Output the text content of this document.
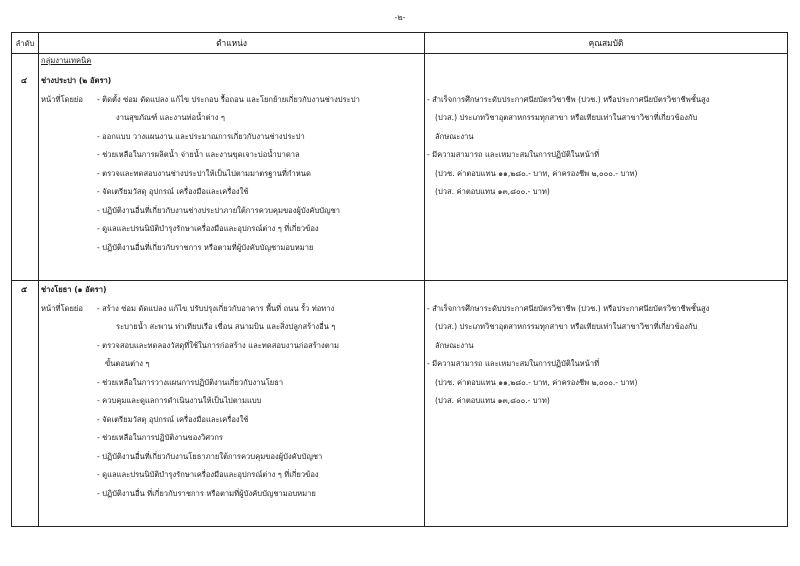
-๒-
ลำดับ	ตำแหน่ง	คุณสมบัติ
กลุ่มงานเทคนิค
๔ ช่างประปา (๒ อัตรา)
หน้าที่โดยย่อ - ติดตั้ง ซ่อม ดัดแปลง แก้ไข ประกอบ รื้อถอน และโยกย้ายเกี่ยวกับงานช่างประปา
งานสุขภัณฑ์ และงานท่อน้ำต่าง ๆ
- ออกแบบ วางแผนงาน และประมาณการเกี่ยวกับงานช่างประปา
- ช่วยเหลือในการผลิตน้ำ จ่ายน้ำ และงานขุดเจาะบ่อน้ำบาดาล
- ตรวจและทดสอบงานช่างประปาให้เป็นไปตามมาตรฐานที่กำหนด
- จัดเตรียมวัสดุ อุปกรณ์ เครื่องมือและเครื่องใช้
- ปฏิบัติงานอื่นที่เกี่ยวกับงานช่างประปาภายใต้การควบคุมของผู้บังคับบัญชา
- ดูแลและปรนนิบัติบำรุงรักษาเครื่องมือและอุปกรณ์ต่าง ๆ ที่เกี่ยวข้อง
- ปฏิบัติงานอื่นที่เกี่ยวกับราชการ หรือตามที่ผู้บังคับบัญชามอบหมาย
- สำเร็จการศึกษาระดับประกาศนียบัตรวิชาชีพ (ปวช.) หรือประกาศนียบัตรวิชาชีพชั้นสูง
(ปวส.) ประเภทวิชาอุตสาหกรรมทุกสาขา หรือเทียบเท่าในสาขาวิชาที่เกี่ยวข้องกับ
ลักษณะงาน
- มีความสามารถ และเหมาะสมในการปฏิบัติในหน้าที่
(ปวช. ค่าตอบแทน ๑๑,๒๘๐.- บาท, ค่าครองชีพ ๒,๐๐๐.- บาท)
(ปวส. ค่าตอบแทน ๑๓,๘๐๐.- บาท)
๕ ช่างโยธา (๑ อัตรา)
หน้าที่โดยย่อ - สร้าง ซ่อม ดัดแปลง แก้ไข ปรับปรุงเกี่ยวกับอาคาร พื้นที่ ถนน รั้ว ท่อทาง
ระบายน้ำ สะพาน ท่าเทียบเรือ เขื่อน สนามบิน และสิ่งปลูกสร้างอื่น ๆ
- ตรวจสอบและทดลองวัสดุที่ใช้ในการก่อสร้าง และทดสอบงานก่อสร้างตาม
ขั้นตอนต่าง ๆ
- ช่วยเหลือในการวางแผนการปฏิบัติงานเกี่ยวกับงานโยธา
- ควบคุมและดูแลการดำเนินงานให้เป็นไปตามแบบ
- จัดเตรียมวัสดุ อุปกรณ์ เครื่องมือและเครื่องใช้
- ช่วยเหลือในการปฏิบัติงานของวิศวกร
- ปฏิบัติงานอื่นที่เกี่ยวกับงานโยธาภายใต้การควบคุมของผู้บังคับบัญชา
- ดูแลและปรนนิบัติบำรุงรักษาเครื่องมือและอุปกรณ์ต่าง ๆ ที่เกี่ยวข้อง
- ปฏิบัติงานอื่น ที่เกี่ยวกับราชการ หรือตามที่ผู้บังคับบัญชามอบหมาย
- สำเร็จการศึกษาระดับประกาศนียบัตรวิชาชีพ (ปวช.) หรือประกาศนียบัตรวิชาชีพชั้นสูง
(ปวส.) ประเภทวิชาอุตสาหกรรมทุกสาขา หรือเทียบเท่าในสาขาวิชาที่เกี่ยวข้องกับ
ลักษณะงาน
- มีความสามารถ และเหมาะสมในการปฏิบัติในหน้าที่
(ปวช. ค่าตอบแทน ๑๑,๒๘๐.- บาท, ค่าครองชีพ ๒,๐๐๐.- บาท)
(ปวส. ค่าตอบแทน ๑๓,๘๐๐.- บาท)
